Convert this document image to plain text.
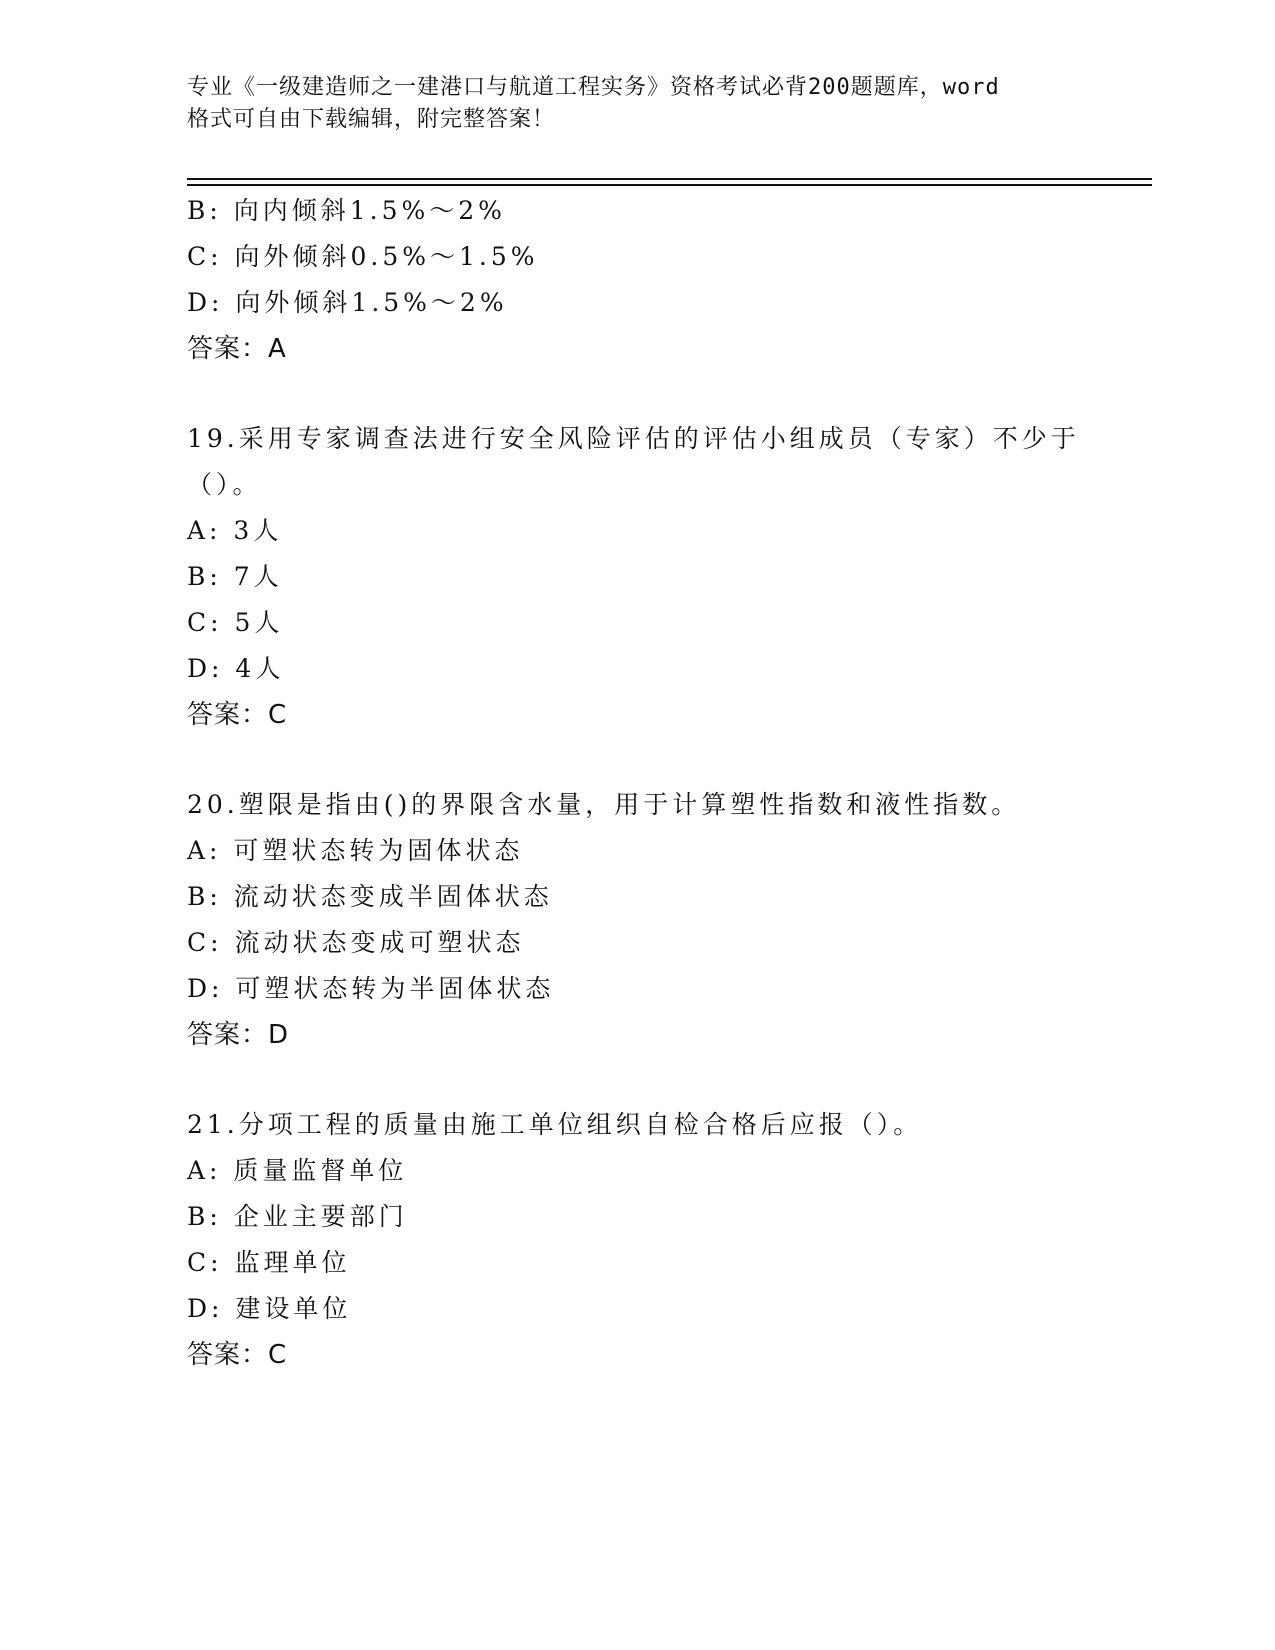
专业《一级建造师之一建港口与航道工程实务》资格考试必背200题题库，word
格式可自由下载编辑，附完整答案！
B: 向内倾斜1.5%～2%
C: 向外倾斜0.5%～1.5%
D: 向外倾斜1.5%～2%
答案：A
19.采用专家调查法进行安全风险评估的评估小组成员（专家）不少于
（）。
A: 3人
B: 7人
C: 5人
D: 4人
答案：C
20.塑限是指由()的界限含水量，用于计算塑性指数和液性指数。
A: 可塑状态转为固体状态
B: 流动状态变成半固体状态
C: 流动状态变成可塑状态
D: 可塑状态转为半固体状态
答案：D
21.分项工程的质量由施工单位组织自检合格后应报（）。
A: 质量监督单位
B: 企业主要部门
C: 监理单位
D: 建设单位
答案：C
